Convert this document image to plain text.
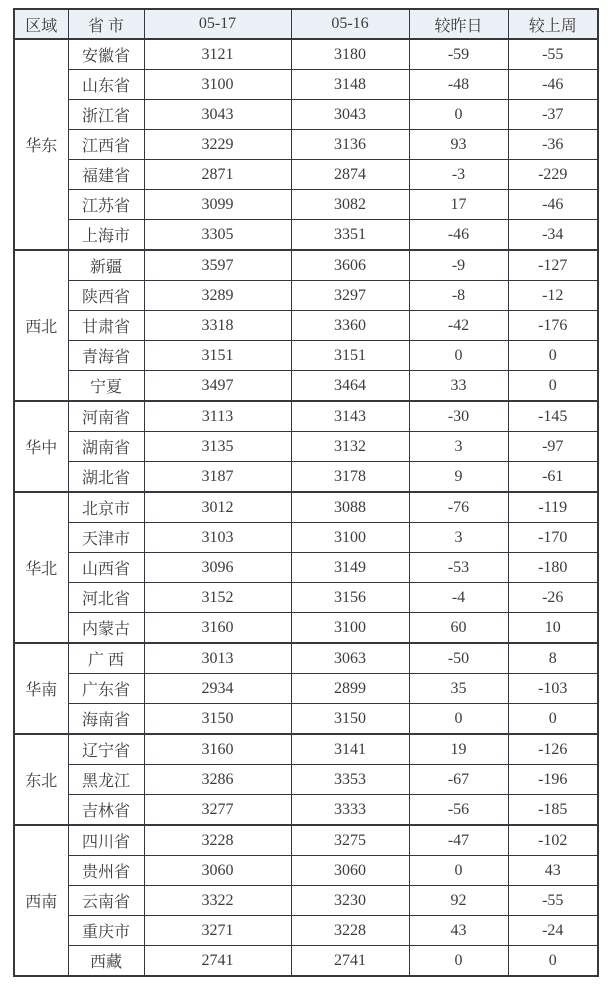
区域	省 市	05-17	05-16	较昨日	较上周
华东	安徽省	3121	3180	-59	-55
	山东省	3100	3148	-48	-46
	浙江省	3043	3043	0	-37
	江西省	3229	3136	93	-36
	福建省	2871	2874	-3	-229
	江苏省	3099	3082	17	-46
	上海市	3305	3351	-46	-34
西北	新疆	3597	3606	-9	-127
	陕西省	3289	3297	-8	-12
	甘肃省	3318	3360	-42	-176
	青海省	3151	3151	0	0
	宁夏	3497	3464	33	0
华中	河南省	3113	3143	-30	-145
	湖南省	3135	3132	3	-97
	湖北省	3187	3178	9	-61
华北	北京市	3012	3088	-76	-119
	天津市	3103	3100	3	-170
	山西省	3096	3149	-53	-180
	河北省	3152	3156	-4	-26
	内蒙古	3160	3100	60	10
华南	广 西	3013	3063	-50	8
	广东省	2934	2899	35	-103
	海南省	3150	3150	0	0
东北	辽宁省	3160	3141	19	-126
	黑龙江	3286	3353	-67	-196
	吉林省	3277	3333	-56	-185
西南	四川省	3228	3275	-47	-102
	贵州省	3060	3060	0	43
	云南省	3322	3230	92	-55
	重庆市	3271	3228	43	-24
	西藏	2741	2741	0	0
